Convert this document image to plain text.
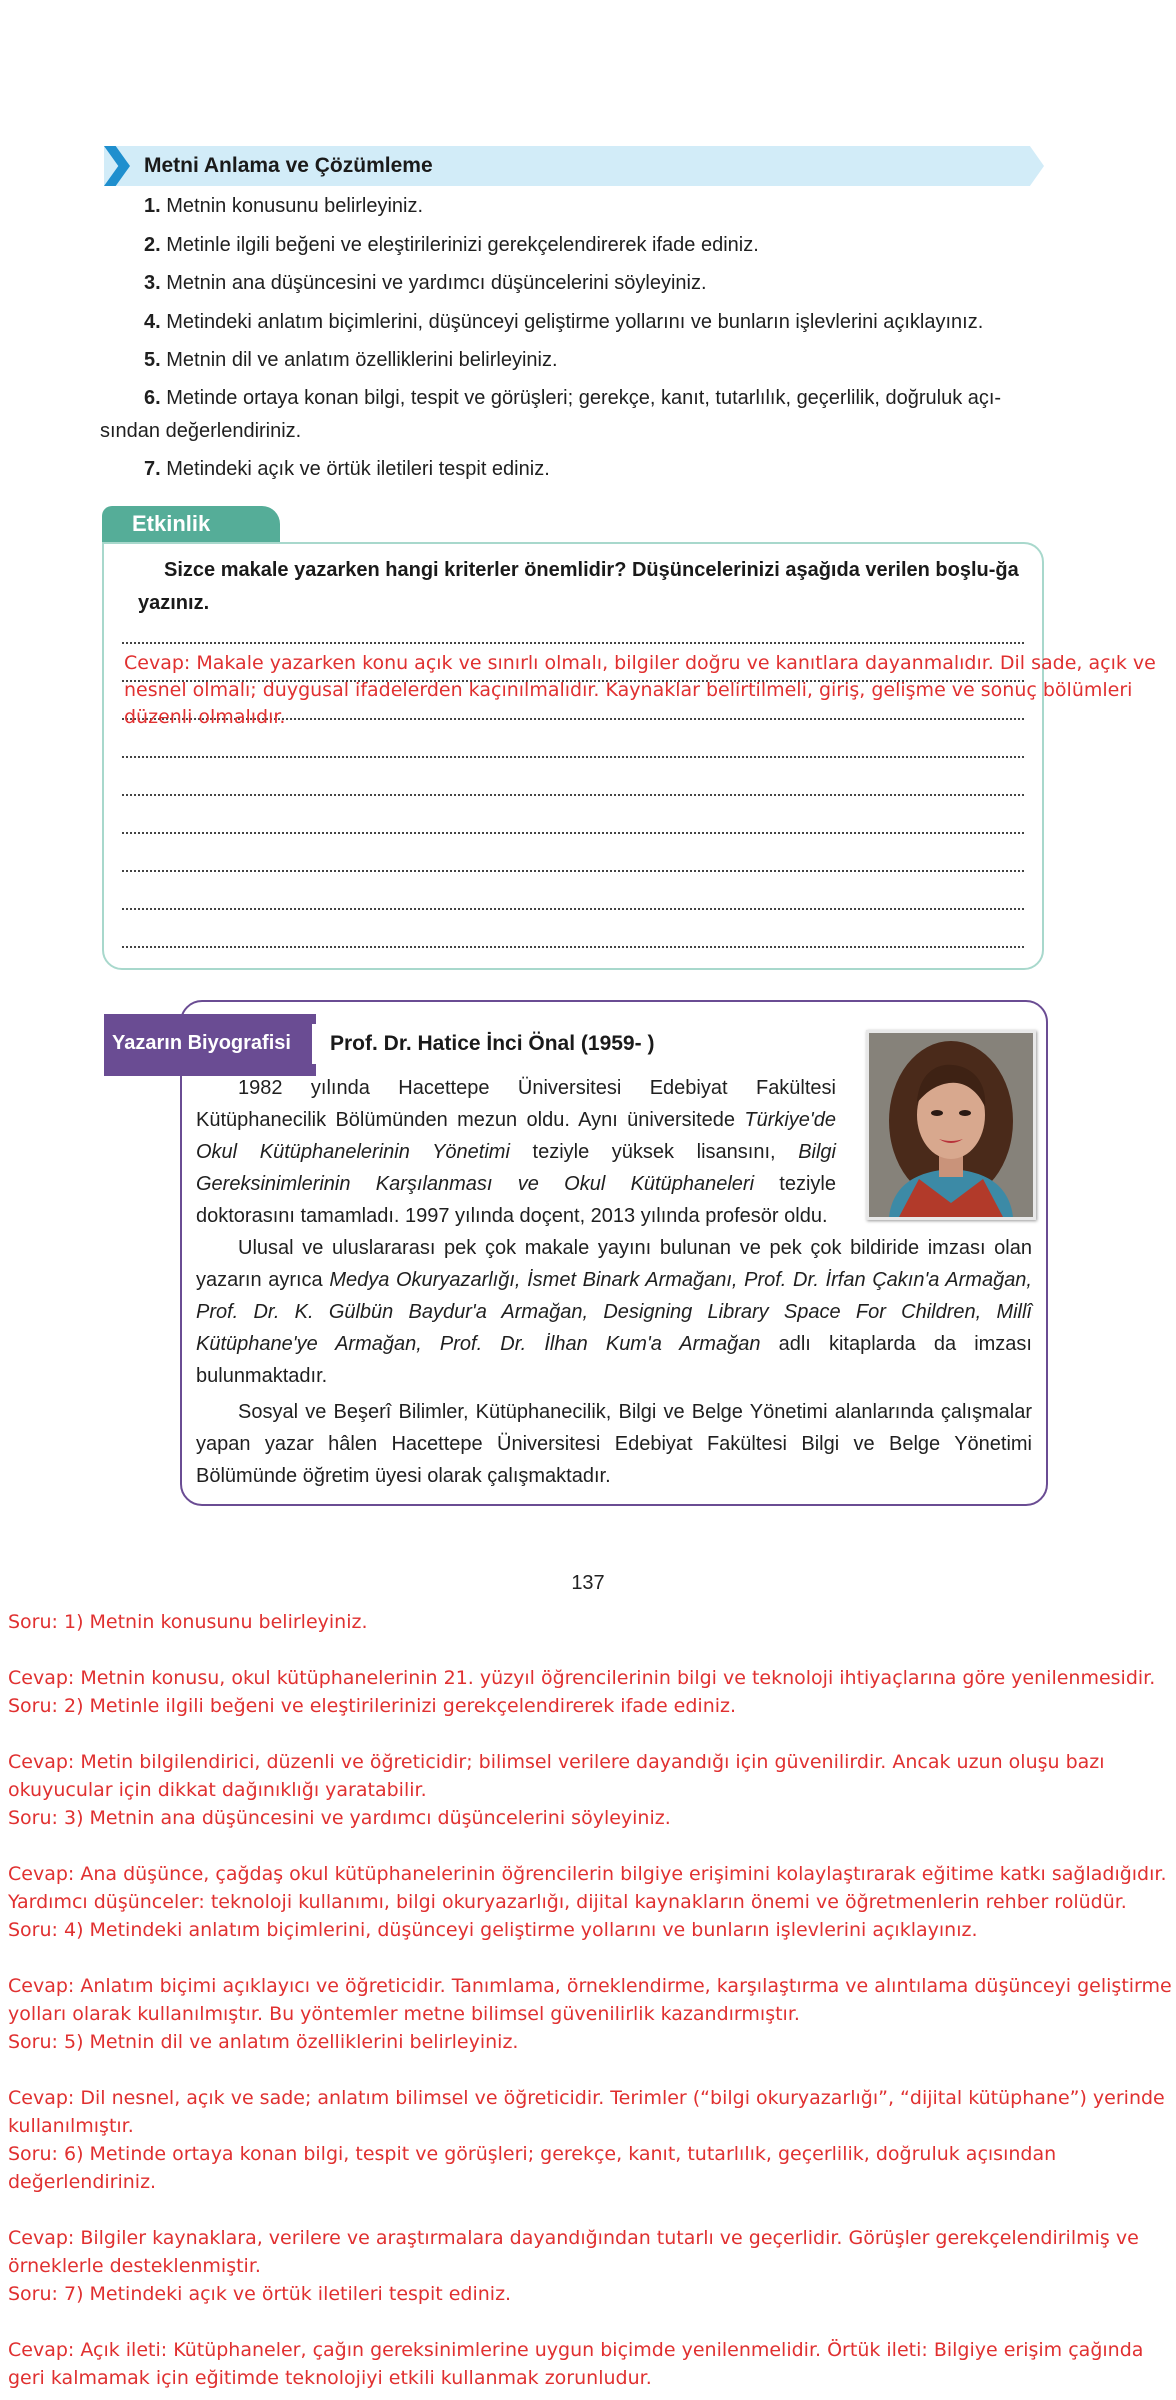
Metni Anlama ve Çözümleme
1. Metnin konusunu belirleyiniz.
2. Metinle ilgili beğeni ve eleştirilerinizi gerekçelendirerek ifade ediniz.
3. Metnin ana düşüncesini ve yardımcı düşüncelerini söyleyiniz.
4. Metindeki anlatım biçimlerini, düşünceyi geliştirme yollarını ve bunların işlevlerini açıklayınız.
5. Metnin dil ve anlatım özelliklerini belirleyiniz.
6. Metinde ortaya konan bilgi, tespit ve görüşleri; gerekçe, kanıt, tutarlılık, geçerlilik, doğruluk açı-
sından değerlendiriniz.
7. Metindeki açık ve örtük iletileri tespit ediniz.
Etkinlik
Sizce makale yazarken hangi kriterler önemlidir? Düşüncelerinizi aşağıda verilen boşlu-ğa yazınız.
Cevap: Makale yazarken konu açık ve sınırlı olmalı, bilgiler doğru ve kanıtlara dayanmalıdır. Dil sade, açık ve nesnel olmalı; duygusal ifadelerden kaçınılmalıdır. Kaynaklar belirtilmeli, giriş, gelişme ve sonuç bölümleri düzenli olmalıdır.
Yazarın Biyografisi Prof. Dr. Hatice İnci Önal (1959- )
1982 yılında Hacettepe Üniversitesi Edebiyat Fakültesi Kütüphanecilik Bölümünden mezun oldu. Aynı üniversitede Türkiye'de Okul Kütüphanelerinin Yönetimi teziyle yüksek lisansını, Bilgi Gereksinimlerinin Karşılanması ve Okul Kütüphaneleri teziyle doktorasını tamamladı. 1997 yılında doçent, 2013 yılında profesör oldu.
Ulusal ve uluslararası pek çok makale yayını bulunan ve pek çok bildiride imzası olan yazarın ayrıca Medya Okuryazarlığı, İsmet Binark Armağanı, Prof. Dr. İrfan Çakın'a Armağan, Prof. Dr. K. Gülbün Baydur'a Armağan, Designing Library Space For Children, Millî Kütüphane'ye Armağan, Prof. Dr. İlhan Kum'a Armağan adlı kitaplarda da imzası bulunmaktadır.
Sosyal ve Beşerî Bilimler, Kütüphanecilik, Bilgi ve Belge Yönetimi alanlarında çalışmalar yapan yazar hâlen Hacettepe Üniversitesi Edebiyat Fakültesi Bilgi ve Belge Yönetimi Bölümünde öğretim üyesi olarak çalışmaktadır.
137
Soru: 1) Metnin konusunu belirleyiniz.
Cevap: Metnin konusu, okul kütüphanelerinin 21. yüzyıl öğrencilerinin bilgi ve teknoloji ihtiyaçlarına göre yenilenmesidir.
Soru: 2) Metinle ilgili beğeni ve eleştirilerinizi gerekçelendirerek ifade ediniz.
Cevap: Metin bilgilendirici, düzenli ve öğreticidir; bilimsel verilere dayandığı için güvenilirdir. Ancak uzun oluşu bazı okuyucular için dikkat dağınıklığı yaratabilir.
Soru: 3) Metnin ana düşüncesini ve yardımcı düşüncelerini söyleyiniz.
Cevap: Ana düşünce, çağdaş okul kütüphanelerinin öğrencilerin bilgiye erişimini kolaylaştırarak eğitime katkı sağladığıdır. Yardımcı düşünceler: teknoloji kullanımı, bilgi okuryazarlığı, dijital kaynakların önemi ve öğretmenlerin rehber rolüdür.
Soru: 4) Metindeki anlatım biçimlerini, düşünceyi geliştirme yollarını ve bunların işlevlerini açıklayınız.
Cevap: Anlatım biçimi açıklayıcı ve öğreticidir. Tanımlama, örneklendirme, karşılaştırma ve alıntılama düşünceyi geliştirme yolları olarak kullanılmıştır. Bu yöntemler metne bilimsel güvenilirlik kazandırmıştır.
Soru: 5) Metnin dil ve anlatım özelliklerini belirleyiniz.
Cevap: Dil nesnel, açık ve sade; anlatım bilimsel ve öğreticidir. Terimler (“bilgi okuryazarlığı”, “dijital kütüphane”) yerinde kullanılmıştır.
Soru: 6) Metinde ortaya konan bilgi, tespit ve görüşleri; gerekçe, kanıt, tutarlılık, geçerlilik, doğruluk açısından değerlendiriniz.
Cevap: Bilgiler kaynaklara, verilere ve araştırmalara dayandığından tutarlı ve geçerlidir. Görüşler gerekçelendirilmiş ve örneklerle desteklenmiştir.
Soru: 7) Metindeki açık ve örtük iletileri tespit ediniz.
Cevap: Açık ileti: Kütüphaneler, çağın gereksinimlerine uygun biçimde yenilenmelidir. Örtük ileti: Bilgiye erişim çağında geri kalmamak için eğitimde teknolojiyi etkili kullanmak zorunludur.
